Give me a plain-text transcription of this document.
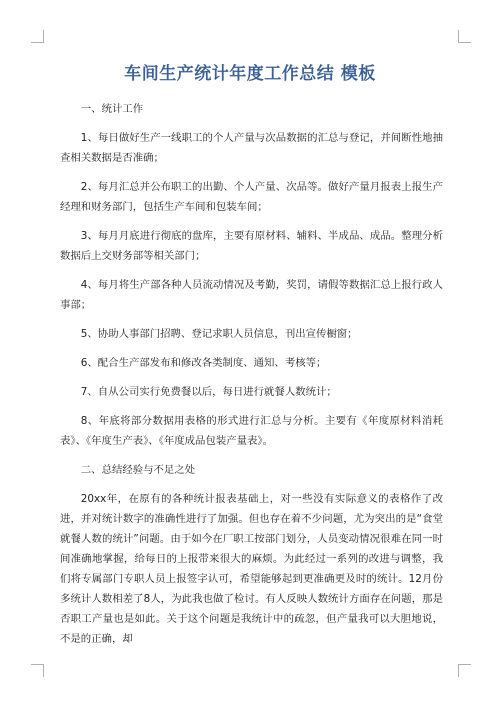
车间生产统计年度工作总结 模板

一、统计工作

1、每日做好生产一线职工的个人产量与次品数据的汇总与登记，并间断性地抽查相关数据是否准确；

2、每月汇总并公布职工的出勤、个人产量、次品等。做好产量月报表上报生产经理和财务部门，包括生产车间和包装车间；

3、每月月底进行彻底的盘库，主要有原材料、辅料、半成品、成品。整理分析数据后上交财务部等相关部门；

4、每月将生产部各种人员流动情况及考勤，奖罚，请假等数据汇总上报行政人事部；

5、协助人事部门招聘、登记求职人员信息，刊出宣传橱窗；

6、配合生产部发布和修改各类制度、通知、考核等；

7、自从公司实行免费餐以后，每日进行就餐人数统计；

8、年底将部分数据用表格的形式进行汇总与分析。主要有《年度原材料消耗表》、《年度生产表》、《年度成品包装产量表》。

二、总结经验与不足之处

20xx年，在原有的各种统计报表基础上，对一些没有实际意义的表格作了改进，并对统计数字的准确性进行了加强。但也存在着不少问题，尤为突出的是“食堂就餐人数的统计”问题。由于如今在厂职工按部门划分，人员变动情况很难在同一时间准确地掌握，给每日的上报带来很大的麻烦。为此经过一系列的改进与调整，我们将专属部门专职人员上报签字认可，希望能够起到更准确更及时的统计。12月份多统计人数相差了8人，为此我也做了检讨。有人反映人数统计方面存在问题，那是否职工产量也是如此。关于这个问题是我统计中的疏忽，但产量我可以大胆地说，不是的正确，却
